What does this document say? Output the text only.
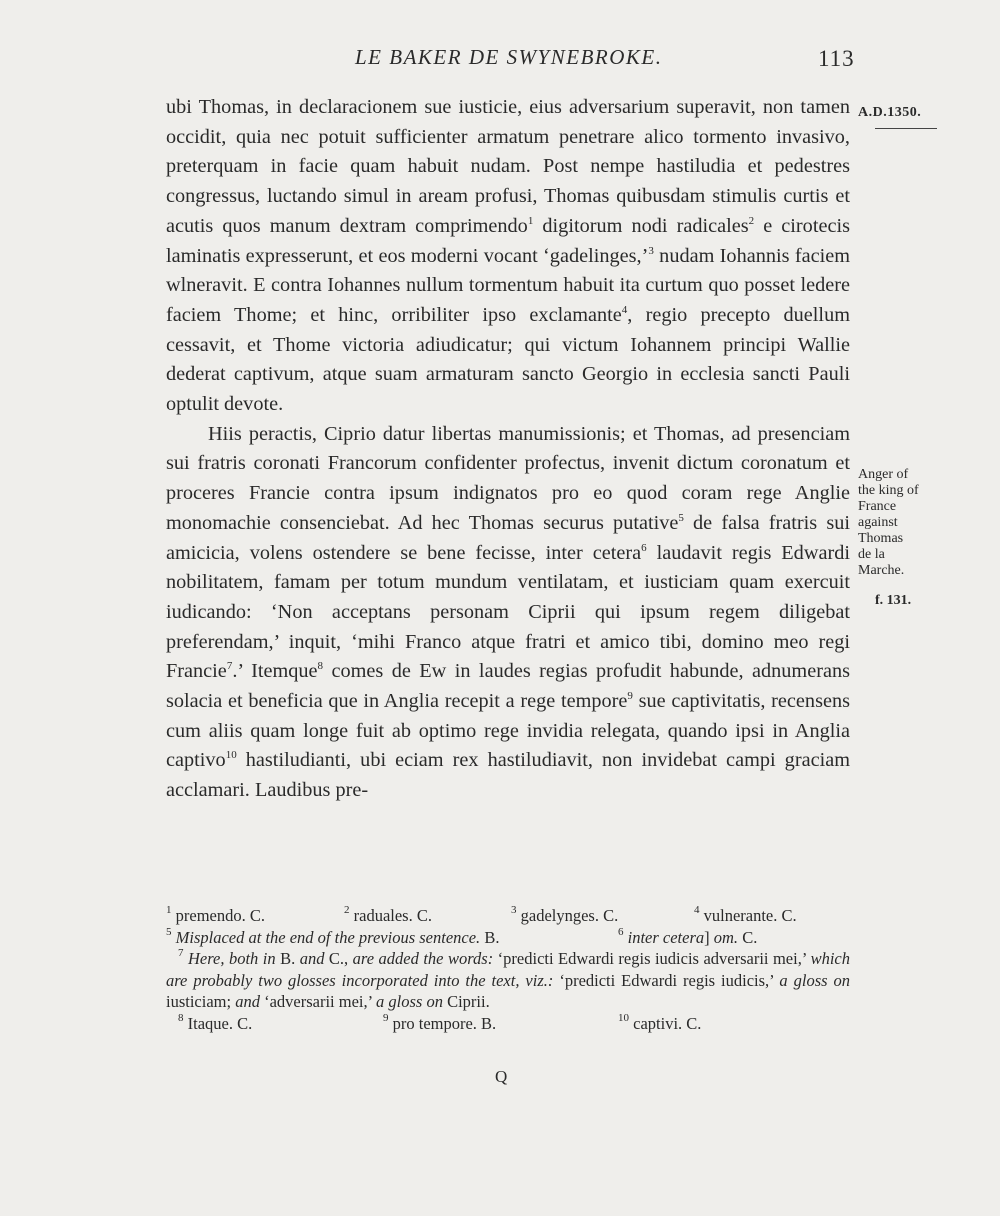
LE BAKER DE SWYNEBROKE.	113

ubi Thomas, in declaracionem sue iusticie, eius adversarium superavit, non tamen occidit, quia nec potuit sufficienter armatum penetrare alico tormento invasivo, preterquam in facie quam habuit nudam. Post nempe hastiludia et pedestres congressus, luctando simul in aream profusi, Thomas quibusdam stimulis curtis et acutis quos manum dextram comprimendo$^1$ digitorum nodi radicales$^2$ e cirotecis laminatis expresserunt, et eos moderni vocant ‘gadelinges,’$^3$ nudam Iohannis faciem wlneravit. E contra Iohannes nullum tormentum habuit ita curtum quo posset ledere faciem Thome; et hinc, orribiliter ipso exclamante$^4$, regio precepto duellum cessavit, et Thome victoria adiudicatur; qui victum Iohannem principi Wallie dederat captivum, atque suam armaturam sancto Georgio in ecclesia sancti Pauli optulit devote.

Hiis peractis, Ciprio datur libertas manumissionis; et Thomas, ad presenciam sui fratris coronati Francorum confidenter profectus, invenit dictum coronatum et proceres Francie contra ipsum indignatos pro eo quod coram rege Anglie monomachie consenciebat. Ad hec Thomas securus putative$^5$ de falsa fratris sui amicicia, volens ostendere se bene fecisse, inter cetera$^6$ laudavit regis Edwardi nobilitatem, famam per totum mundum ventilatam, et iusticiam quam exercuit iudicando: ‘Non acceptans personam Ciprii qui ipsum regem diligebat preferendam,’ inquit, ‘mihi Franco atque fratri et amico tibi, domino meo regi Francie$^7$.’ Itemque$^8$ comes de Ew in laudes regias profudit habunde, adnumerans solacia et beneficia que in Anglia recepit a rege tempore$^9$ sue captivitatis, recensens cum aliis quam longe fuit ab optimo rege invidia relegata, quando ipsi in Anglia captivo$^{10}$ hastiludianti, ubi eciam rex hastiludiavit, non invidebat campi graciam acclamari. Laudibus pre-

A.D.1350.
Anger of
the king of
France
against
Thomas
de la
Marche.
f. 131.
$^1$ premendo. C.	$^2$ raduales. C.	$^3$ gadelynges. C.	$^4$ vulnerante. C.
$^5$ Misplaced at the end of the previous sentence. B.	$^6$ inter cetera] om. C.

$^7$ Here, both in B. and C., are added the words: ‘predicti Edwardi regis iudicis adversarii mei,’ which are probably two glosses incorporated into the text, viz.: ‘predicti Edwardi regis iudicis,’ a gloss on iusticiam; and ‘adversarii mei,’ a gloss on Ciprii.

$^8$ Itaque. C.	$^9$ pro tempore. B.	$^{10}$ captivi. C.
Q
